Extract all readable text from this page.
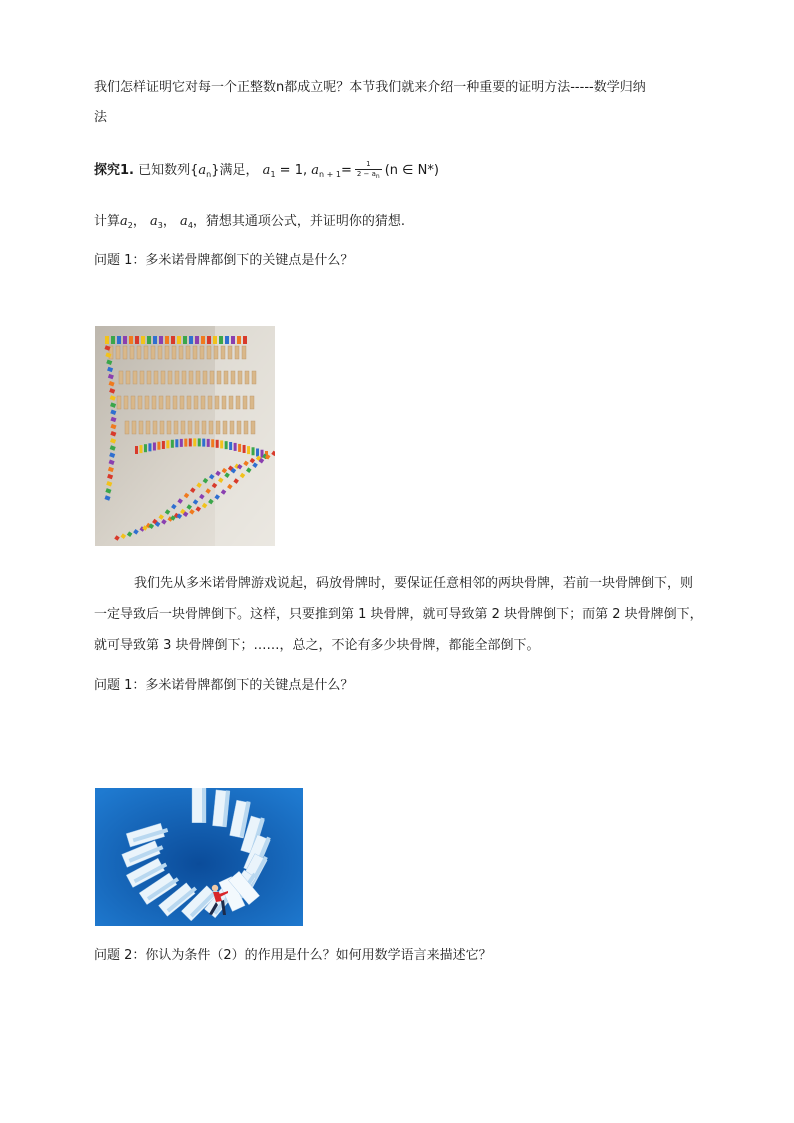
我们怎样证明它对每一个正整数n都成立呢？本节我们就来介绍一种重要的证明方法-----数学归纳
法
探究1. 已知数列$\{a_n\}$满足， $a_1 = 1$, $a_{n + 1}= \frac{1}{2 - an} (n$ ∈ N*)
计算$a_2$， $a_3$， $a_4$，猜想其通项公式，并证明你的猜想.
问题 1：多米诺骨牌都倒下的关键点是什么？
我们先从多米诺骨牌游戏说起，码放骨牌时，要保证任意相邻的两块骨牌，若前一块骨牌倒下，则一定导致后一块骨牌倒下。这样，只要推到第 1 块骨牌，就可导致第 2 块骨牌倒下；而第 2 块骨牌倒下，就可导致第 3 块骨牌倒下；……，总之，不论有多少块骨牌，都能全部倒下。
问题 1：多米诺骨牌都倒下的关键点是什么？
问题 2：你认为条件（2）的作用是什么？如何用数学语言来描述它？
